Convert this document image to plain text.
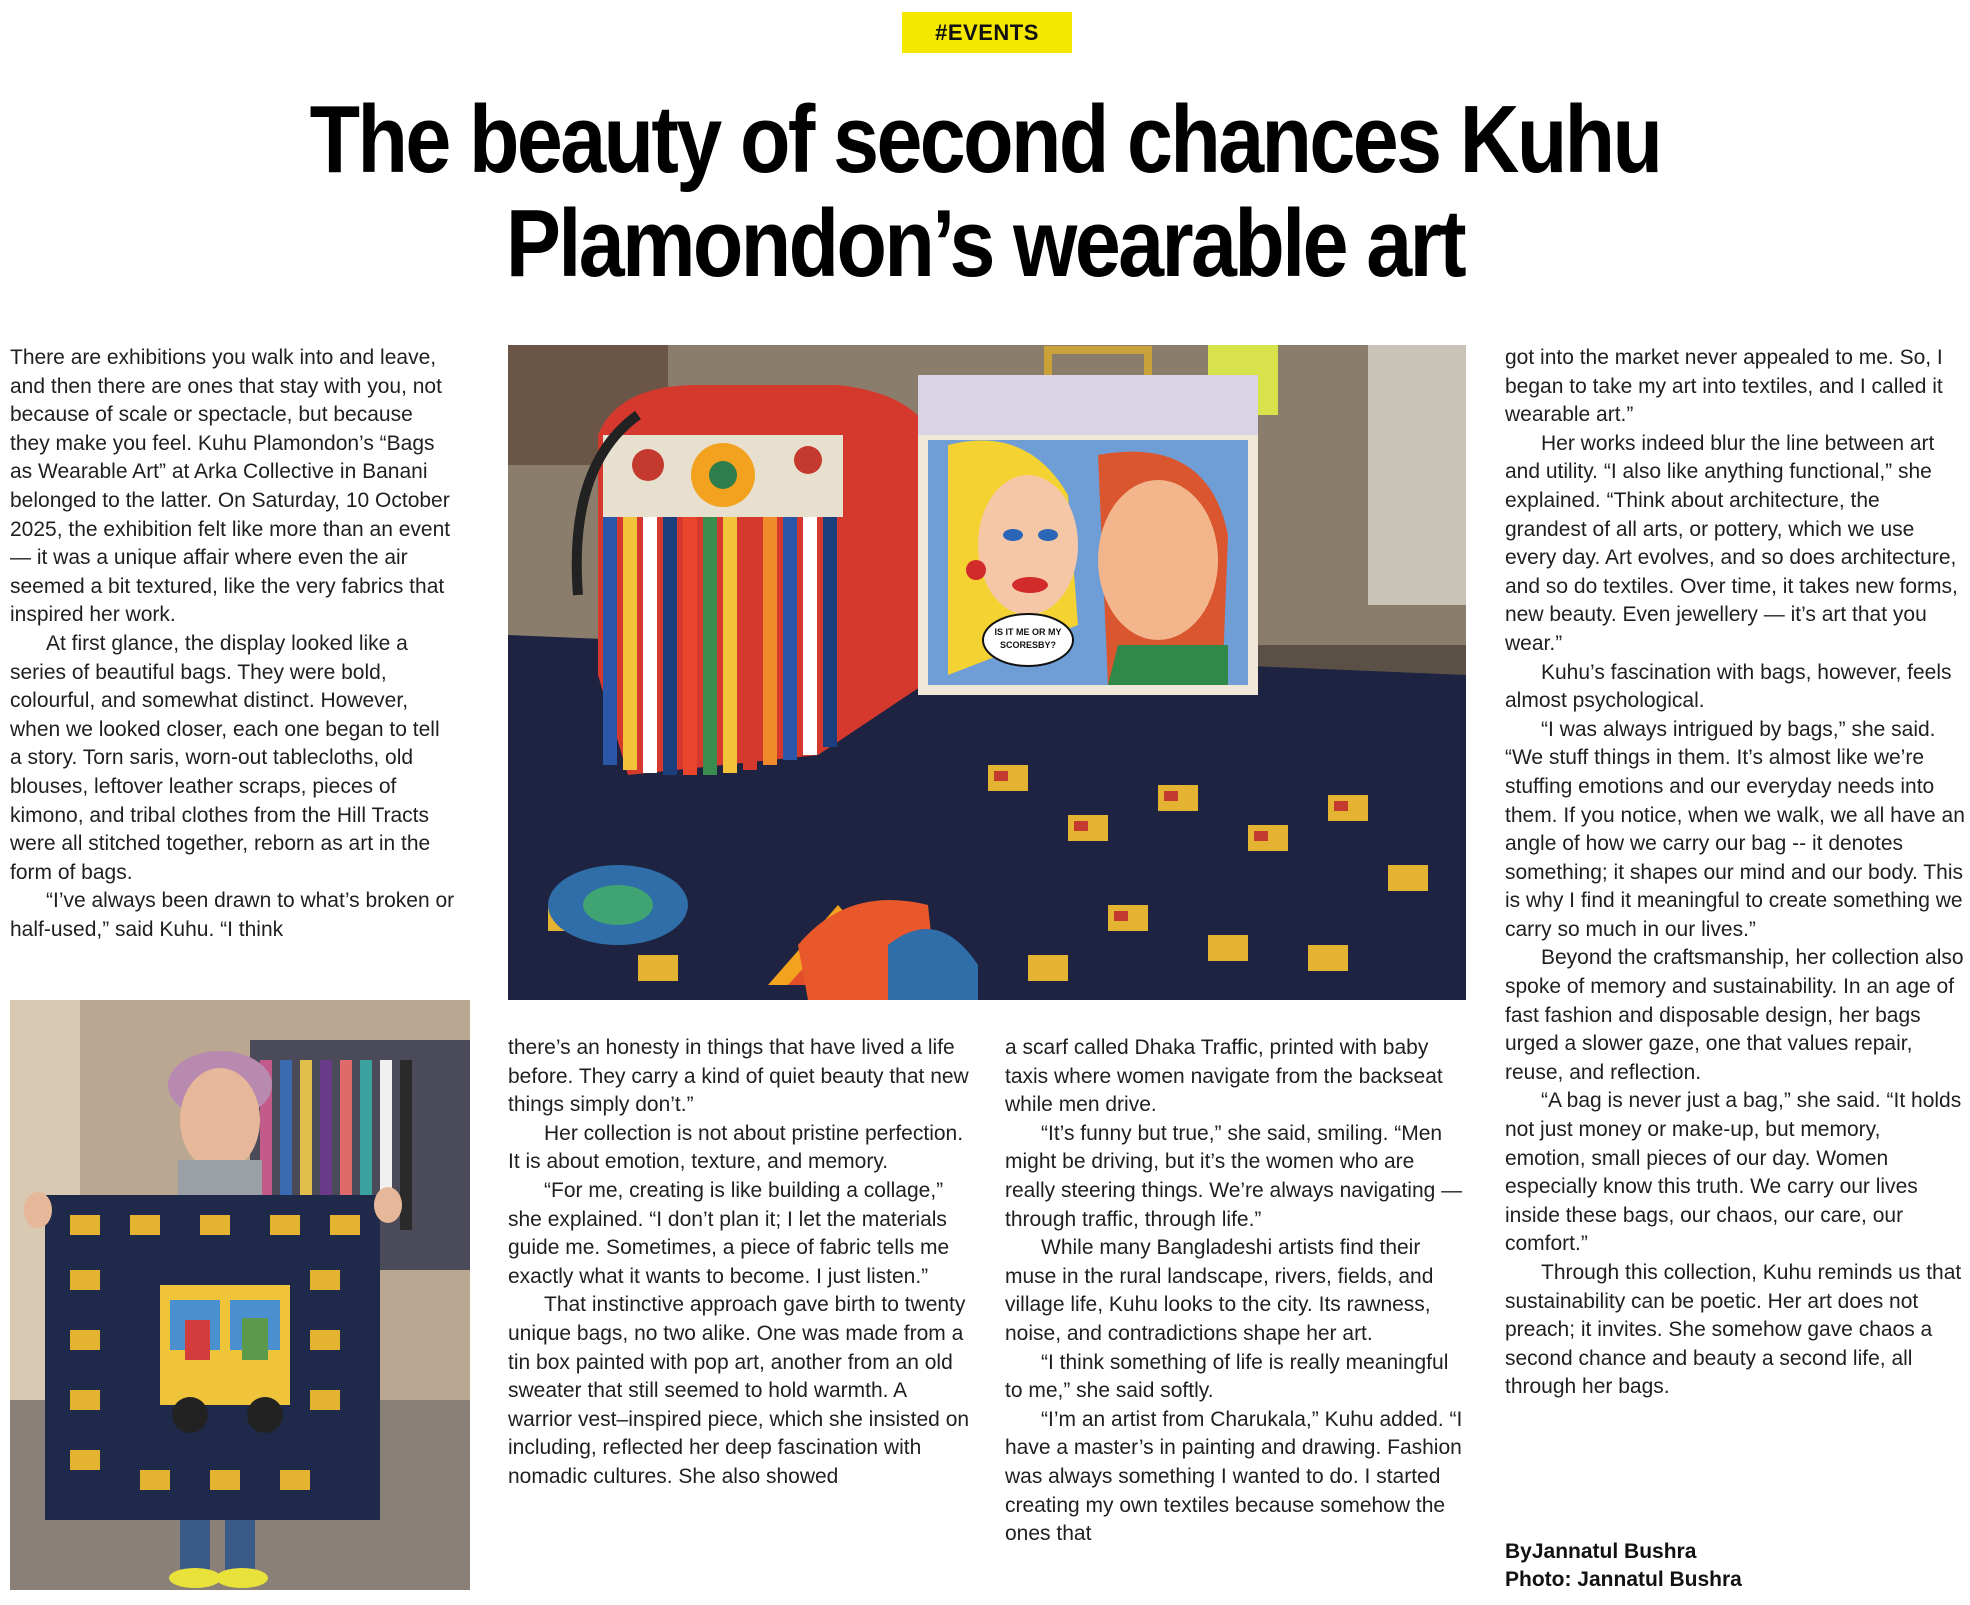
#EVENTS
The beauty of second chances Kuhu
Plamondon’s wearable art

There are exhibitions you walk into and leave, and then there are ones that stay with you, not because of scale or spectacle, but because they make you feel. Kuhu Plamondon’s “Bags as Wearable Art” at Arka Collective in Banani belonged to the latter. On Saturday, 10 October 2025, the exhibition felt like more than an event — it was a unique affair where even the air seemed a bit textured, like the very fabrics that inspired her work.

At first glance, the display looked like a series of beautiful bags. They were bold, colourful, and somewhat distinct. However, when we looked closer, each one began to tell a story. Torn saris, worn-out tablecloths, old blouses, leftover leather scraps, pieces of kimono, and tribal clothes from the Hill Tracts were all stitched together, reborn as art in the form of bags.

“I’ve always been drawn to what’s broken or half-used,” said Kuhu. “I think

IS IT ME OR MY
SCORESBY?

there’s an honesty in things that have lived a life before. They carry a kind of quiet beauty that new things simply don’t.”

Her collection is not about pristine perfection. It is about emotion, texture, and memory.

“For me, creating is like building a collage,” she explained. “I don’t plan it; I let the materials guide me. Sometimes, a piece of fabric tells me exactly what it wants to become. I just listen.”

That instinctive approach gave birth to twenty unique bags, no two alike. One was made from a tin box painted with pop art, another from an old sweater that still seemed to hold warmth. A warrior vest–inspired piece, which she insisted on including, reflected her deep fascination with nomadic cultures. She also showed

a scarf called Dhaka Traffic, printed with baby taxis where women navigate from the backseat while men drive.

“It’s funny but true,” she said, smiling. “Men might be driving, but it’s the women who are really steering things. We’re always navigating — through traffic, through life.”

While many Bangladeshi artists find their muse in the rural landscape, rivers, fields, and village life, Kuhu looks to the city. Its rawness, noise, and contradictions shape her art.

“I think something of life is really meaningful to me,” she said softly.

“I’m an artist from Charukala,” Kuhu added. “I have a master’s in painting and drawing. Fashion was always something I wanted to do. I started creating my own textiles because somehow the ones that

got into the market never appealed to me. So, I began to take my art into textiles, and I called it wearable art.”

Her works indeed blur the line between art and utility. “I also like anything functional,” she explained. “Think about architecture, the grandest of all arts, or pottery, which we use every day. Art evolves, and so does architecture, and so do textiles. Over time, it takes new forms, new beauty. Even jewellery — it’s art that you wear.”

Kuhu’s fascination with bags, however, feels almost psychological.

“I was always intrigued by bags,” she said. “We stuff things in them. It’s almost like we’re stuffing emotions and our everyday needs into them. If you notice, when we walk, we all have an angle of how we carry our bag -- it denotes something; it shapes our mind and our body. This is why I find it meaningful to create something we carry so much in our lives.”

Beyond the craftsmanship, her collection also spoke of memory and sustainability. In an age of fast fashion and disposable design, her bags urged a slower gaze, one that values repair, reuse, and reflection.

“A bag is never just a bag,” she said. “It holds not just money or make-up, but memory, emotion, small pieces of our day. Women especially know this truth. We carry our lives inside these bags, our chaos, our care, our comfort.”

Through this collection, Kuhu reminds us that sustainability can be poetic. Her art does not preach; it invites. She somehow gave chaos a second chance and beauty a second life, all through her bags.

ByJannatul Bushra
Photo: Jannatul Bushra
